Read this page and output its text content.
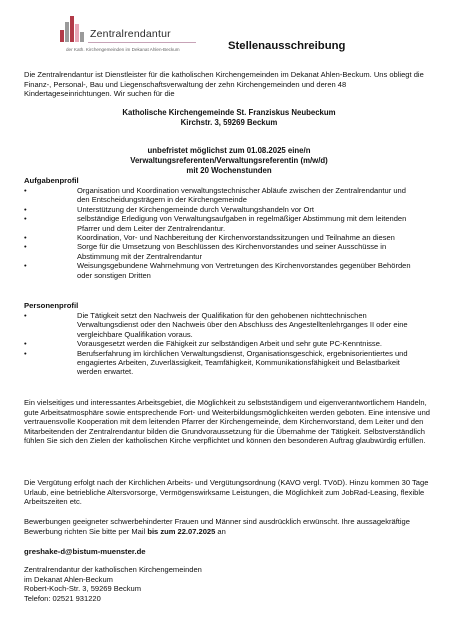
Zentralrendantur
der Kath. Kirchengemeinden im Dekanat Ahlen-Beckum	Stellenausschreibung
Die Zentralrendantur ist Dienstleister für die katholischen Kirchengemeinden im Dekanat Ahlen-Beckum. Uns obliegt die Finanz-, Personal-, Bau und Liegenschaftsverwaltung der zehn Kirchengemeinden und deren 48 Kindertageseinrichtungen. Wir suchen für die
Katholische Kirchengemeinde St. Franziskus Neubeckum
Kirchstr. 3, 59269 Beckum
unbefristet möglichst zum 01.08.2025 eine/n
Verwaltungsreferenten/Verwaltungsreferentin (m/w/d)
mit 20 Wochenstunden
Aufgabenprofil
•	Organisation und Koordination verwaltungstechnischer Abläufe zwischen der Zentralrendantur und den Entscheidungsträgern in der Kirchengemeinde
•	Unterstützung der Kirchengemeinde durch Verwaltungshandeln vor Ort
•	selbständige Erledigung von Verwaltungsaufgaben in regelmäßiger Abstimmung mit dem leitenden Pfarrer und dem Leiter der Zentralrendantur.
•	Koordination, Vor- und Nachbereitung der Kirchenvorstandssitzungen und Teilnahme an diesen
•	Sorge für die Umsetzung von Beschlüssen des Kirchenvorstandes und seiner Ausschüsse in Abstimmung mit der Zentralrendantur
•	Weisungsgebundene Wahrnehmung von Vertretungen des Kirchenvorstandes gegenüber Behörden oder sonstigen Dritten
Personenprofil
•	Die Tätigkeit setzt den Nachweis der Qualifikation für den gehobenen nichttechnischen Verwaltungsdienst oder den Nachweis über den Abschluss des Angestelltenlehrganges II oder eine vergleichbare Qualifikation voraus.
•	Vorausgesetzt werden die Fähigkeit zur selbständigen Arbeit und sehr gute PC-Kenntnisse.
•	Berufserfahrung im kirchlichen Verwaltungsdienst, Organisationsgeschick, ergebnisorientiertes und engagiertes Arbeiten, Zuverlässigkeit, Teamfähigkeit, Kommunikationsfähigkeit und Belastbarkeit werden erwartet.
Ein vielseitiges und interessantes Arbeitsgebiet, die Möglichkeit zu selbstständigem und eigenverantwortlichem Handeln, gute Arbeitsatmosphäre sowie entsprechende Fort- und Weiterbildungsmöglichkeiten werden geboten. Eine intensive und vertrauensvolle Kooperation mit dem leitenden Pfarrer der Kirchengemeinde, dem Kirchenvorstand, dem Leiter und den Mitarbeitenden der Zentralrendantur bilden die Grundvoraussetzung für die Übernahme der Tätigkeit. Selbstverständlich fühlen Sie sich den Zielen der katholischen Kirche verpflichtet und können den besonderen Auftrag glaubwürdig erfüllen.
Die Vergütung erfolgt nach der Kirchlichen Arbeits- und Vergütungsordnung (KAVO vergl. TVöD). Hinzu kommen 30 Tage Urlaub, eine betriebliche Altersvorsorge, Vermögenswirksame Leistungen, die Möglichkeit zum JobRad-Leasing, flexible Arbeitszeiten etc.
Bewerbungen geeigneter schwerbehinderter Frauen und Männer sind ausdrücklich erwünscht. Ihre aussagekräftige Bewerbung richten Sie bitte per Mail bis zum 22.07.2025 an
greshake-d@bistum-muenster.de
Zentralrendantur der katholischen Kirchengemeinden
im Dekanat Ahlen-Beckum
Robert-Koch-Str. 3, 59269 Beckum
Telefon: 02521 931220
